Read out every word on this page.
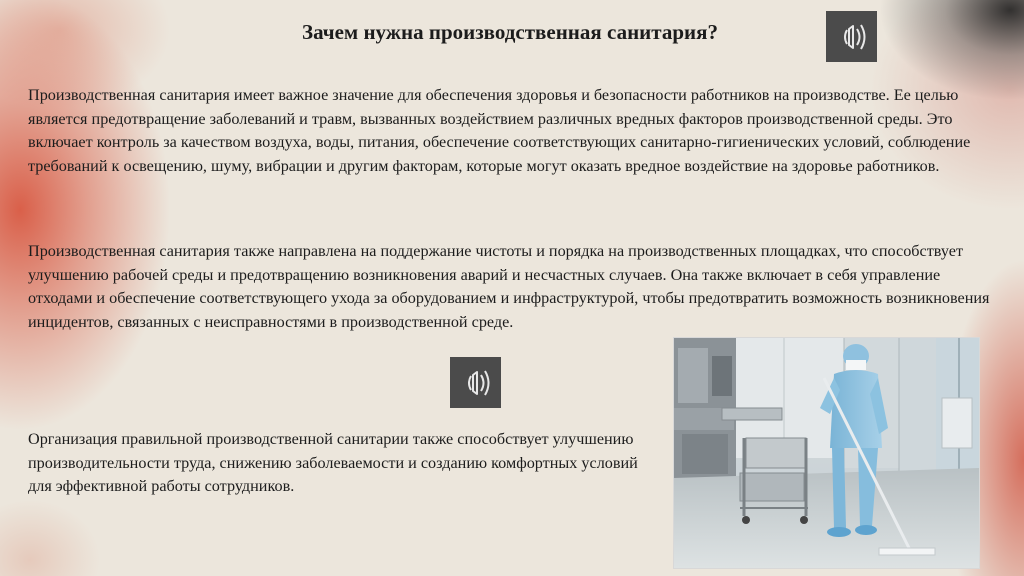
Зачем нужна производственная санитария?

Производственная санитария имеет важное значение для обеспечения здоровья и безопасности работников на производстве. Ее целью является предотвращение заболеваний и травм, вызванных воздействием различных вредных факторов производственной среды. Это включает контроль за качеством воздуха, воды, питания, обеспечение соответствующих санитарно-гигиенических условий, соблюдение требований к освещению, шуму, вибрации и другим факторам, которые могут оказать вредное воздействие на здоровье работников.

Производственная санитария также направлена на поддержание чистоты и порядка на производственных площадках, что способствует улучшению рабочей среды и предотвращению возникновения аварий и несчастных случаев. Она также включает в себя управление отходами и обеспечение соответствующего ухода за оборудованием и инфраструктурой, чтобы предотвратить возможность возникновения инцидентов, связанных с неисправностями в производственной среде.

Организация правильной производственной санитарии также способствует улучшению производительности труда, снижению заболеваемости и созданию комфортных условий для эффективной работы сотрудников.
